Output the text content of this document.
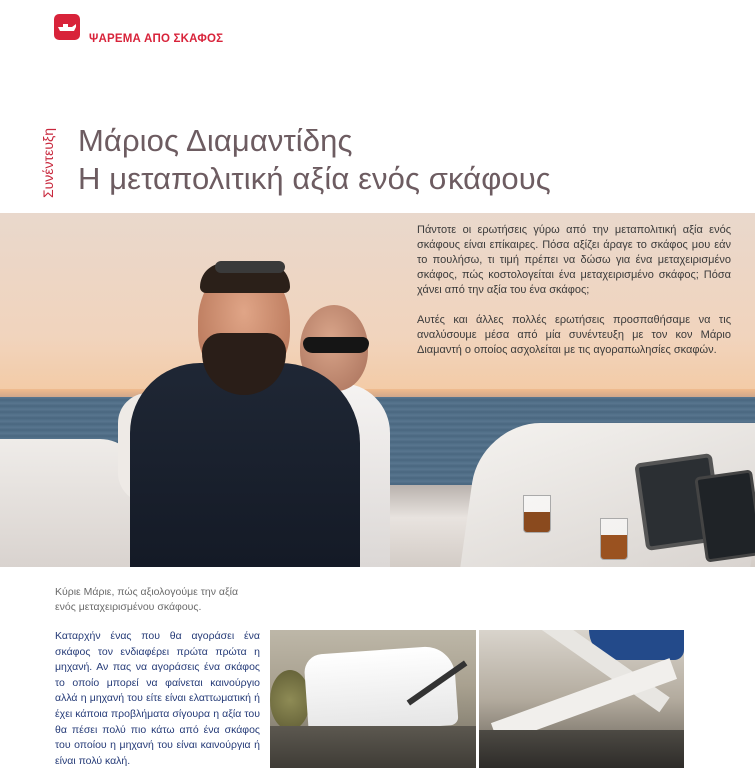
ΨΑΡΕΜΑ ΑΠΟ ΣΚΑΦΟΣ
Συνέντευξη Μάριος Διαμαντίδης
Η μεταπολιτική αξία ενός σκάφους

Πάντοτε οι ερωτήσεις γύρω από την μεταπολιτική αξία ενός σκάφους είναι επίκαιρες. Πόσα αξίζει άραγε το σκάφος μου εάν το πουλήσω, τι τιμή πρέπει να δώσω για ένα μεταχειρισμένο σκάφος, πώς κοστολογείται ένα μεταχειρισμένο σκάφος; Πόσα χάνει από την αξία του ένα σκάφος;

Αυτές και άλλες πολλές ερωτήσεις προσπαθήσαμε να τις αναλύσουμε μέσα από μία συνέντευξη με τον κον Μάριο Διαμαντή ο οποίος ασχολείται με τις αγοραπωλησίες σκαφών.

Κύριε Μάριε, πώς αξιολογούμε την αξία ενός μεταχειρισμένου σκάφους.
Καταρχήν ένας που θα αγοράσει ένα σκάφος τον ενδιαφέρει πρώτα πρώτα η μηχανή. Αν πας να αγοράσεις ένα σκάφος το οποίο μπορεί να φαίνεται καινούργιο αλλά η μηχανή του είτε είναι ελαττωματική ή έχει κάποια προβλήματα σίγουρα η αξία του θα πέσει πολύ πιο κάτω από ένα σκάφος του οποίου η μηχανή του είναι καινούργια ή είναι πολύ καλή.
